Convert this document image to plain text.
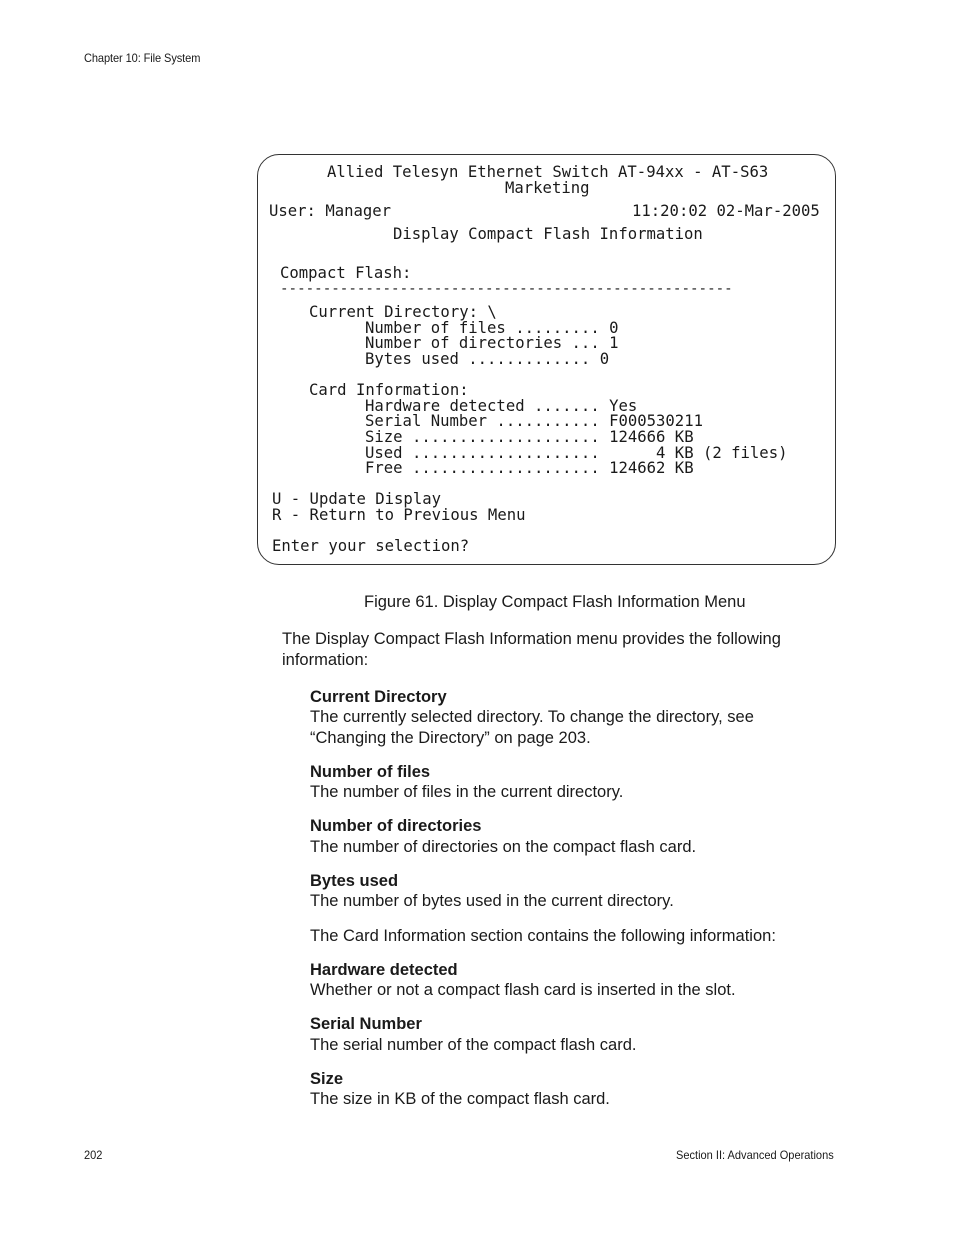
Chapter 10: File System
Allied Telesyn Ethernet Switch AT-94xx - AT-S63
Marketing
User: Manager	11:20:02 02-Mar-2005
Display Compact Flash Information
Compact Flash:
-----------------------------------------------------
Current Directory: \
Number of files ......... 0
Number of directories ... 1
Bytes used ............. 0
Card Information:
Hardware detected ....... Yes
Serial Number ........... F000530211
Size .................... 124666 KB
Used ....................      4 KB (2 files)
Free .................... 124662 KB
U - Update Display
R - Return to Previous Menu
Enter your selection?
Figure 61. Display Compact Flash Information Menu
The Display Compact Flash Information menu provides the following information:
Current Directory
The currently selected directory. To change the directory, see
“Changing the Directory” on page 203.
Number of files
The number of files in the current directory.
Number of directories
The number of directories on the compact flash card.
Bytes used
The number of bytes used in the current directory.
The Card Information section contains the following information:
Hardware detected
Whether or not a compact flash card is inserted in the slot.
Serial Number
The serial number of the compact flash card.
Size
The size in KB of the compact flash card.
202	Section II: Advanced Operations
